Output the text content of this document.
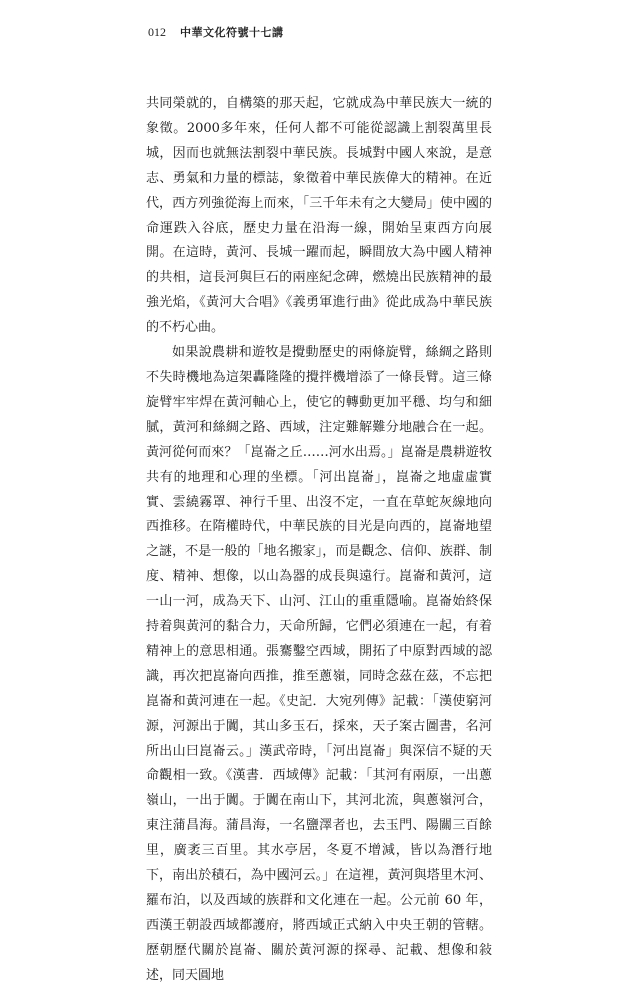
012 中華文化符號十七講

共同榮就的，自構築的那天起，它就成為中華民族大一統的象徵。2000多年來，任何人都不可能從認識上割裂萬里長城，因而也就無法割裂中華民族。長城對中國人來說，是意志、勇氣和力量的標誌，象徵着中華民族偉大的精神。在近代，西方列強從海上而來，「三千年未有之大變局」使中國的命運跌入谷底，歷史力量在沿海一線，開始呈東西方向展開。在這時，黃河、長城一躍而起，瞬間放大為中國人精神的共相，這長河與巨石的兩座紀念碑，燃燒出民族精神的最強光焰，《黃河大合唱》《義勇軍進行曲》從此成為中華民族的不朽心曲。

如果說農耕和遊牧是攪動歷史的兩條旋臂，絲綢之路則不失時機地為這架轟隆隆的攪拌機增添了一條長臂。這三條旋臂牢牢焊在黃河軸心上，使它的轉動更加平穩、均勻和細膩，黃河和絲綢之路、西域，注定難解難分地融合在一起。黃河從何而來？「崑崙之丘……河水出焉。」崑崙是農耕遊牧共有的地理和心理的坐標。「河出崑崙」，崑崙之地虛虛實實、雲繞霧罩、神行千里、出沒不定，一直在草蛇灰線地向西推移。在隋權時代，中華民族的目光是向西的，崑崙地望之謎，不是一般的「地名搬家」，而是觀念、信仰、族群、制度、精神、想像，以山為器的成長與遠行。崑崙和黃河，這一山一河，成為天下、山河、江山的重重隱喻。崑崙始終保持着與黃河的黏合力，天命所歸，它們必須連在一起，有着精神上的意思相通。張騫鑿空西域，開拓了中原對西域的認識，再次把崑崙向西推，推至蔥嶺，同時念茲在茲，不忘把崑崙和黃河連在一起。《史記．大宛列傳》記載：「漢使窮河源，河源出于闐，其山多玉石，採來，天子案古圖書，名河所出山曰崑崙云。」漢武帝時，「河出崑崙」與深信不疑的天命觀相一致。《漢書．西域傳》記載：「其河有兩原，一出蔥嶺山，一出于闐。于闐在南山下，其河北流，與蔥嶺河合，東注蒲昌海。蒲昌海，一名鹽澤者也，去玉門、陽關三百餘里，廣袤三百里。其水亭居，冬夏不增減，皆以為潛行地下，南出於積石，為中國河云。」在這裡，黃河與塔里木河、羅布泊，以及西域的族群和文化連在一起。公元前 60 年，西漢王朝設西域都護府，將西域正式納入中央王朝的管轄。歷朝歷代關於崑崙、關於黃河源的探尋、記載、想像和敍述，同天圓地
